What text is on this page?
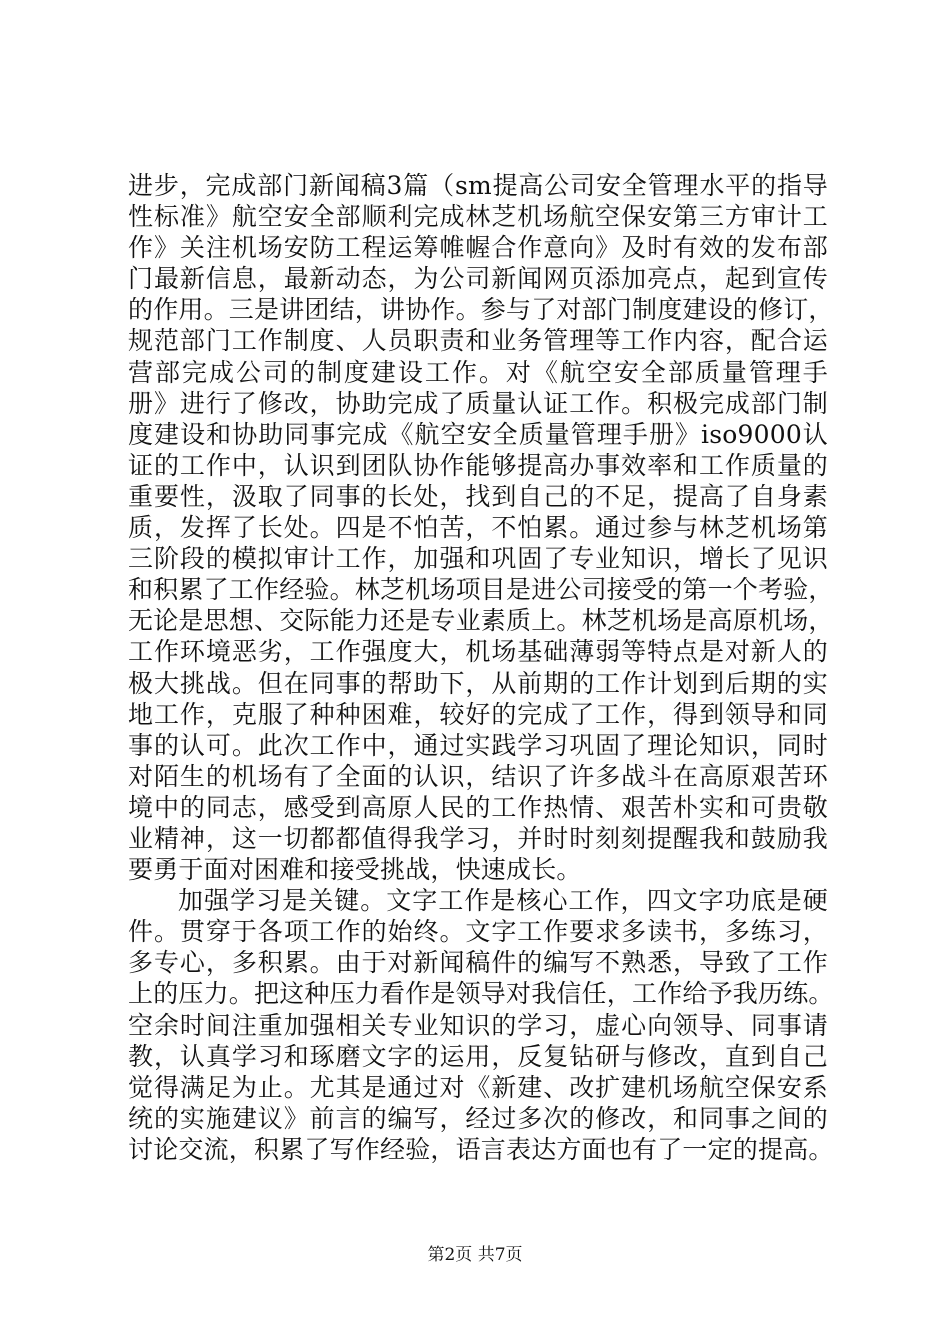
进步，完成部门新闻稿3篇（sm提高公司安全管理水平的指导
性标准》航空安全部顺利完成林芝机场航空保安第三方审计工
作》关注机场安防工程运筹帷幄合作意向》及时有效的发布部
门最新信息，最新动态，为公司新闻网页添加亮点，起到宣传
的作用。三是讲团结，讲协作。参与了对部门制度建设的修订，
规范部门工作制度、人员职责和业务管理等工作内容，配合运
营部完成公司的制度建设工作。对《航空安全部质量管理手
册》进行了修改，协助完成了质量认证工作。积极完成部门制
度建设和协助同事完成《航空安全质量管理手册》iso9000认
证的工作中，认识到团队协作能够提高办事效率和工作质量的
重要性，汲取了同事的长处，找到自己的不足，提高了自身素
质，发挥了长处。四是不怕苦，不怕累。通过参与林芝机场第
三阶段的模拟审计工作，加强和巩固了专业知识，增长了见识
和积累了工作经验。林芝机场项目是进公司接受的第一个考验，
无论是思想、交际能力还是专业素质上。林芝机场是高原机场，
工作环境恶劣，工作强度大，机场基础薄弱等特点是对新人的
极大挑战。但在同事的帮助下，从前期的工作计划到后期的实
地工作，克服了种种困难，较好的完成了工作，得到领导和同
事的认可。此次工作中，通过实践学习巩固了理论知识，同时
对陌生的机场有了全面的认识，结识了许多战斗在高原艰苦环
境中的同志，感受到高原人民的工作热情、艰苦朴实和可贵敬
业精神，这一切都都值得我学习，并时时刻刻提醒我和鼓励我
要勇于面对困难和接受挑战，快速成长。
加强学习是关键。文字工作是核心工作，四文字功底是硬
件。贯穿于各项工作的始终。文字工作要求多读书，多练习，
多专心，多积累。由于对新闻稿件的编写不熟悉，导致了工作
上的压力。把这种压力看作是领导对我信任，工作给予我历练。
空余时间注重加强相关专业知识的学习，虚心向领导、同事请
教，认真学习和琢磨文字的运用，反复钻研与修改，直到自己
觉得满足为止。尤其是通过对《新建、改扩建机场航空保安系
统的实施建议》前言的编写，经过多次的修改，和同事之间的
讨论交流，积累了写作经验，语言表达方面也有了一定的提高。
第2页 共7页
